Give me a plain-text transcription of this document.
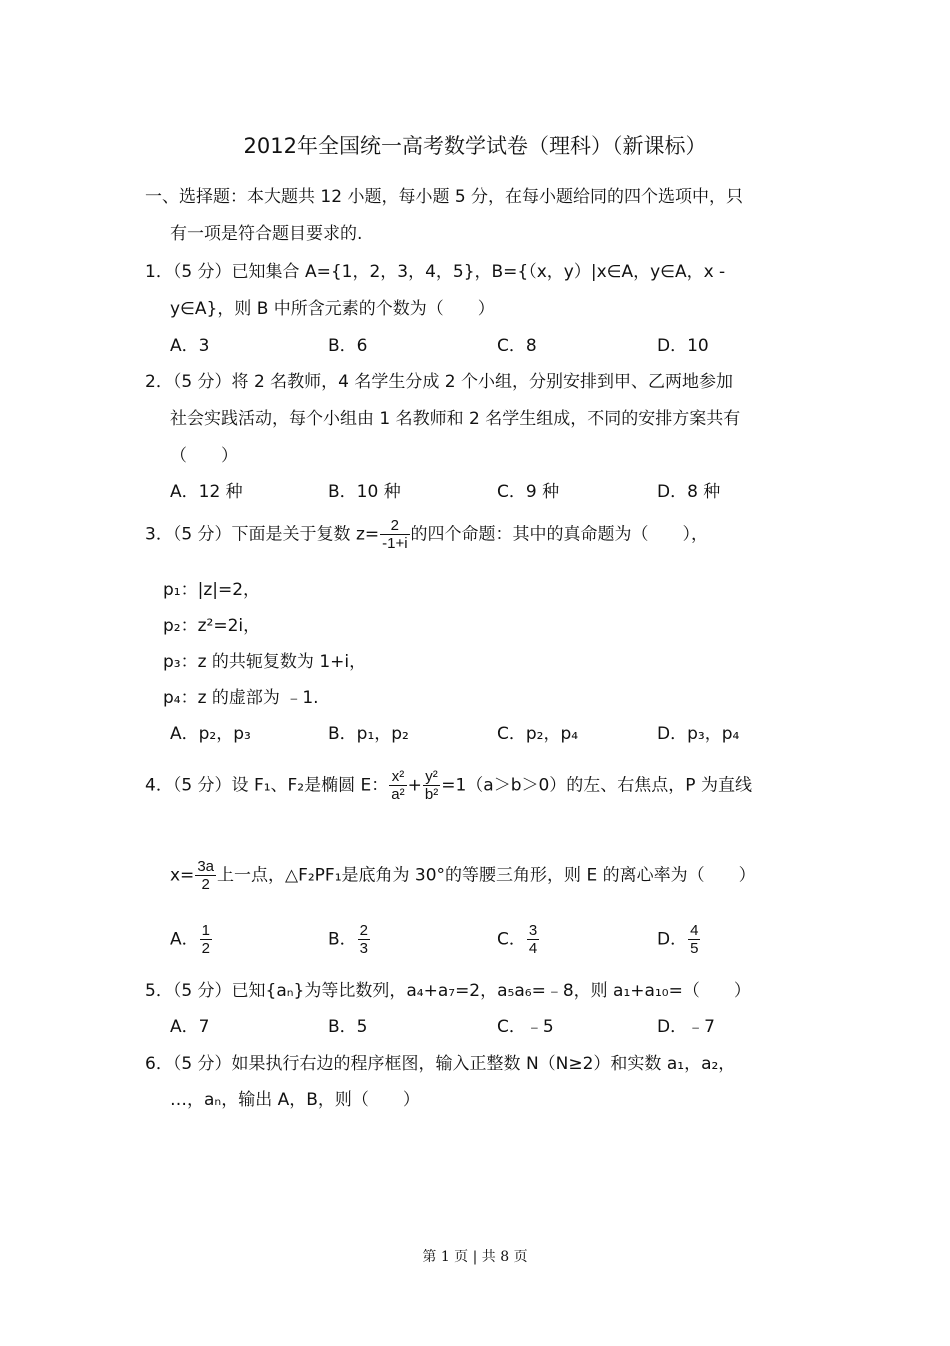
2012年全国统一高考数学试卷（理科）（新课标）
一、选择题：本大题共 12 小题，每小题 5 分，在每小题给同的四个选项中，只
有一项是符合题目要求的.
1．（5 分）已知集合 A={1，2，3，4，5}，B={（x，y）|x∈A，y∈A，x -
y∈A}，则 B 中所含元素的个数为（　　）
A．3	B．6	C．8	D．10
2．（5 分）将 2 名教师，4 名学生分成 2 个小组，分别安排到甲、乙两地参加
社会实践活动，每个小组由 1 名教师和 2 名学生组成，不同的安排方案共有
（　　）
A．12 种	B．10 种	C．9 种	D．8 种
3．（5 分）下面是关于复数 $z= \frac{2}{-1+i}$ 的四个命题：其中的真命题为（　　），
p₁：|z|=2，
p₂：z²=2i，
p₃：z 的共轭复数为 1+i，
p₄：z 的虚部为 ﹣1.
A．p₂，p₃	B．p₁，p₂	C．p₂，p₄	D．p₃，p₄
4．（5 分）设 F₁、F₂是椭圆 E： $\frac{\text{x²}}{\text{a²}} + \frac{\text{y²}}{\text{b²}} =1(a>b>0)$的左、右焦点，P 为直线
$x= \frac{3a}{2}$ 上一点，△F₂PF₁是底角为 30°的等腰三角形，则 E 的离心率为（　　）
A． $\frac{1}{2}$	B． $\frac{2}{3}$	C． $\frac{3}{4}$	D． $\frac{4}{5}$
5．（5 分）已知{aₙ}为等比数列，a₄+a₇=2，a₅a₆=﹣8，则 a₁+a₁₀=（　　）
A．7	B．5	C．﹣5	D．﹣7
6．（5 分）如果执行右边的程序框图，输入正整数 N（N≥2）和实数 a₁，a₂，
…，aₙ，输出 A，B，则（　　）
第 1 页 | 共 8 页
